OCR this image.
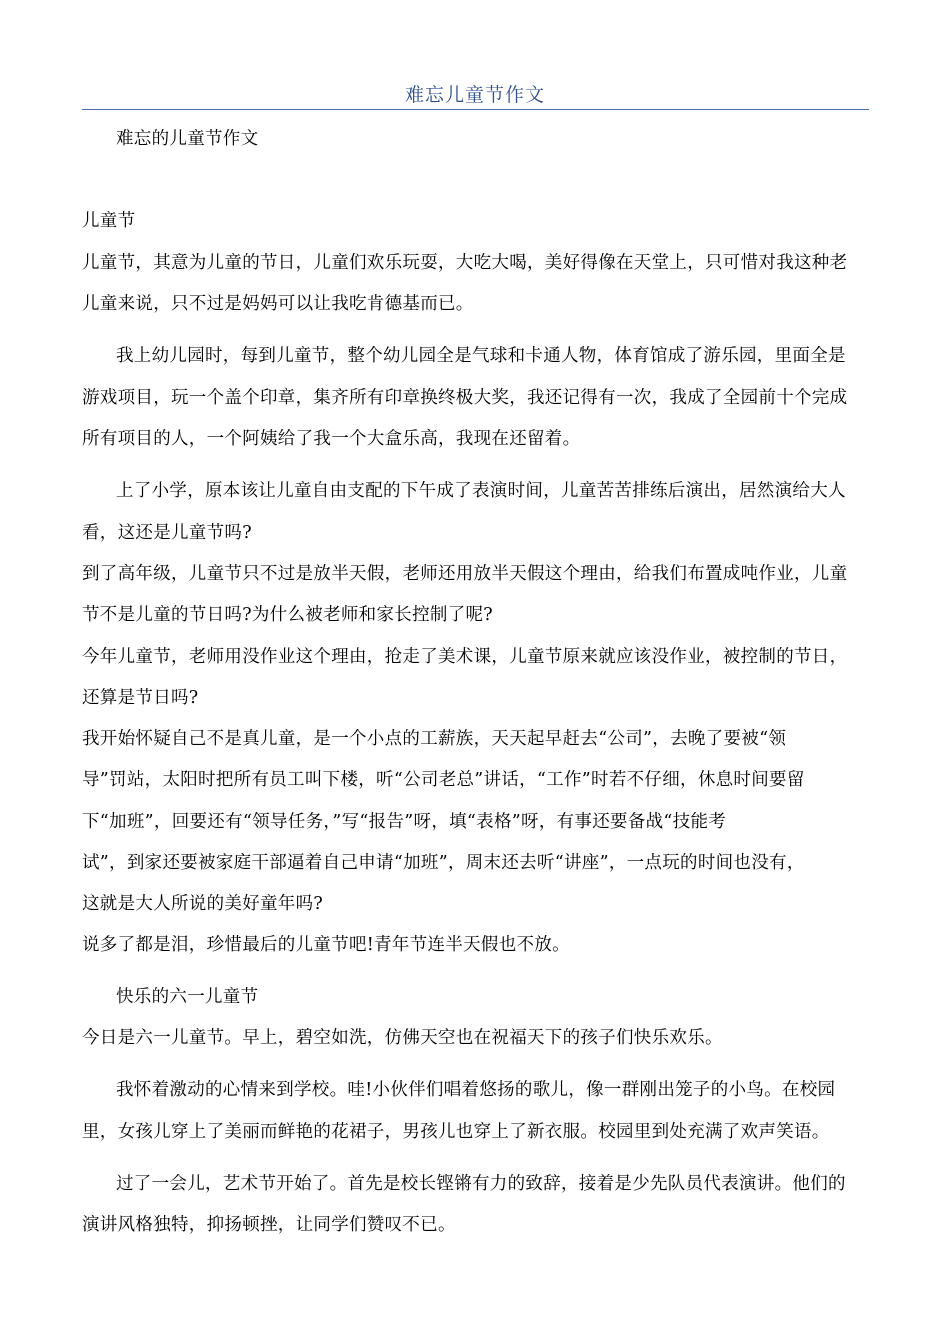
难忘儿童节作文
难忘的儿童节作文
儿童节
儿童节，其意为儿童的节日，儿童们欢乐玩耍，大吃大喝，美好得像在天堂上，只可惜对我这种老
儿童来说，只不过是妈妈可以让我吃肯德基而已。
我上幼儿园时，每到儿童节，整个幼儿园全是气球和卡通人物，体育馆成了游乐园，里面全是
游戏项目，玩一个盖个印章，集齐所有印章换终极大奖，我还记得有一次，我成了全园前十个完成
所有项目的人，一个阿姨给了我一个大盒乐高，我现在还留着。
上了小学，原本该让儿童自由支配的下午成了表演时间，儿童苦苦排练后演出，居然演给大人
看，这还是儿童节吗?
到了高年级，儿童节只不过是放半天假，老师还用放半天假这个理由，给我们布置成吨作业，儿童
节不是儿童的节日吗?为什么被老师和家长控制了呢?
今年儿童节，老师用没作业这个理由，抢走了美术课，儿童节原来就应该没作业，被控制的节日，
还算是节日吗?
我开始怀疑自己不是真儿童，是一个小点的工薪族，天天起早赶去“公司”，去晚了要被“领
导”罚站，太阳时把所有员工叫下楼，听“公司老总”讲话，“工作”时若不仔细，休息时间要留
下“加班”，回要还有“领导任务，”写“报告”呀，填“表格”呀，有事还要备战“技能考
试”，到家还要被家庭干部逼着自己申请“加班”，周末还去听“讲座”，一点玩的时间也没有，
这就是大人所说的美好童年吗?
说多了都是泪，珍惜最后的儿童节吧!青年节连半天假也不放。
快乐的六一儿童节
今日是六一儿童节。早上，碧空如洗，仿佛天空也在祝福天下的孩子们快乐欢乐。
我怀着激动的心情来到学校。哇!小伙伴们唱着悠扬的歌儿，像一群刚出笼子的小鸟。在校园
里，女孩儿穿上了美丽而鲜艳的花裙子，男孩儿也穿上了新衣服。校园里到处充满了欢声笑语。
过了一会儿，艺术节开始了。首先是校长铿锵有力的致辞，接着是少先队员代表演讲。他们的
演讲风格独特，抑扬顿挫，让同学们赞叹不已。
